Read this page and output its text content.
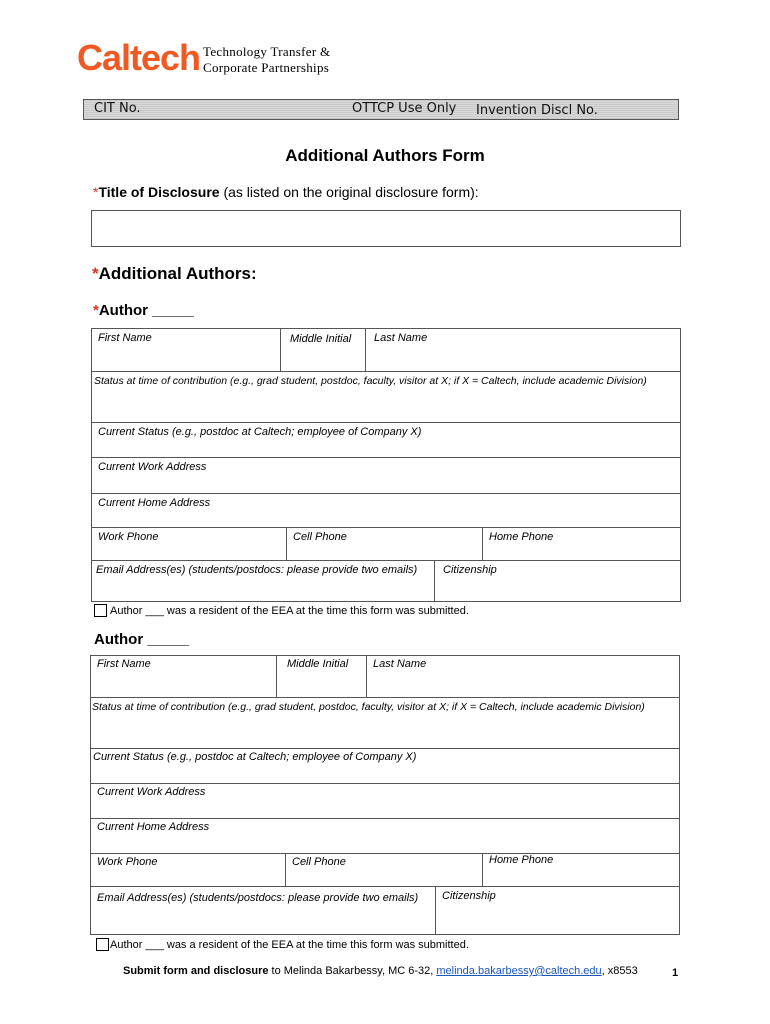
Caltech Technology Transfer &
Corporate Partnerships
CIT No.	OTTCP Use Only Invention Discl No.
Additional Authors Form
*Title of Disclosure (as listed on the original disclosure form):
*Additional Authors:
*Author _____
First Name	Middle Initial Last Name
Status at time of contribution (e.g., grad student, postdoc, faculty, visitor at X; if X = Caltech, include academic Division)
Current Status (e.g., postdoc at Caltech; employee of Company X)
Current Work Address
Current Home Address
Work Phone	Cell Phone	Home Phone
Email Address(es) (students/postdocs: please provide two emails) Citizenship
Author ___ was a resident of the EEA at the time this form was submitted.
Author _____
First Name	Middle Initial Last Name
Status at time of contribution (e.g., grad student, postdoc, faculty, visitor at X; if X = Caltech, include academic Division)
Current Status (e.g., postdoc at Caltech; employee of Company X)
Current Work Address
Current Home Address
Work Phone	Cell Phone	Home Phone
Email Address(es) (students/postdocs: please provide two emails) Citizenship
Author ___ was a resident of the EEA at the time this form was submitted.
Submit form and disclosure to Melinda Bakarbessy, MC 6-32, melinda.bakarbessy@caltech.edu, x8553	1
